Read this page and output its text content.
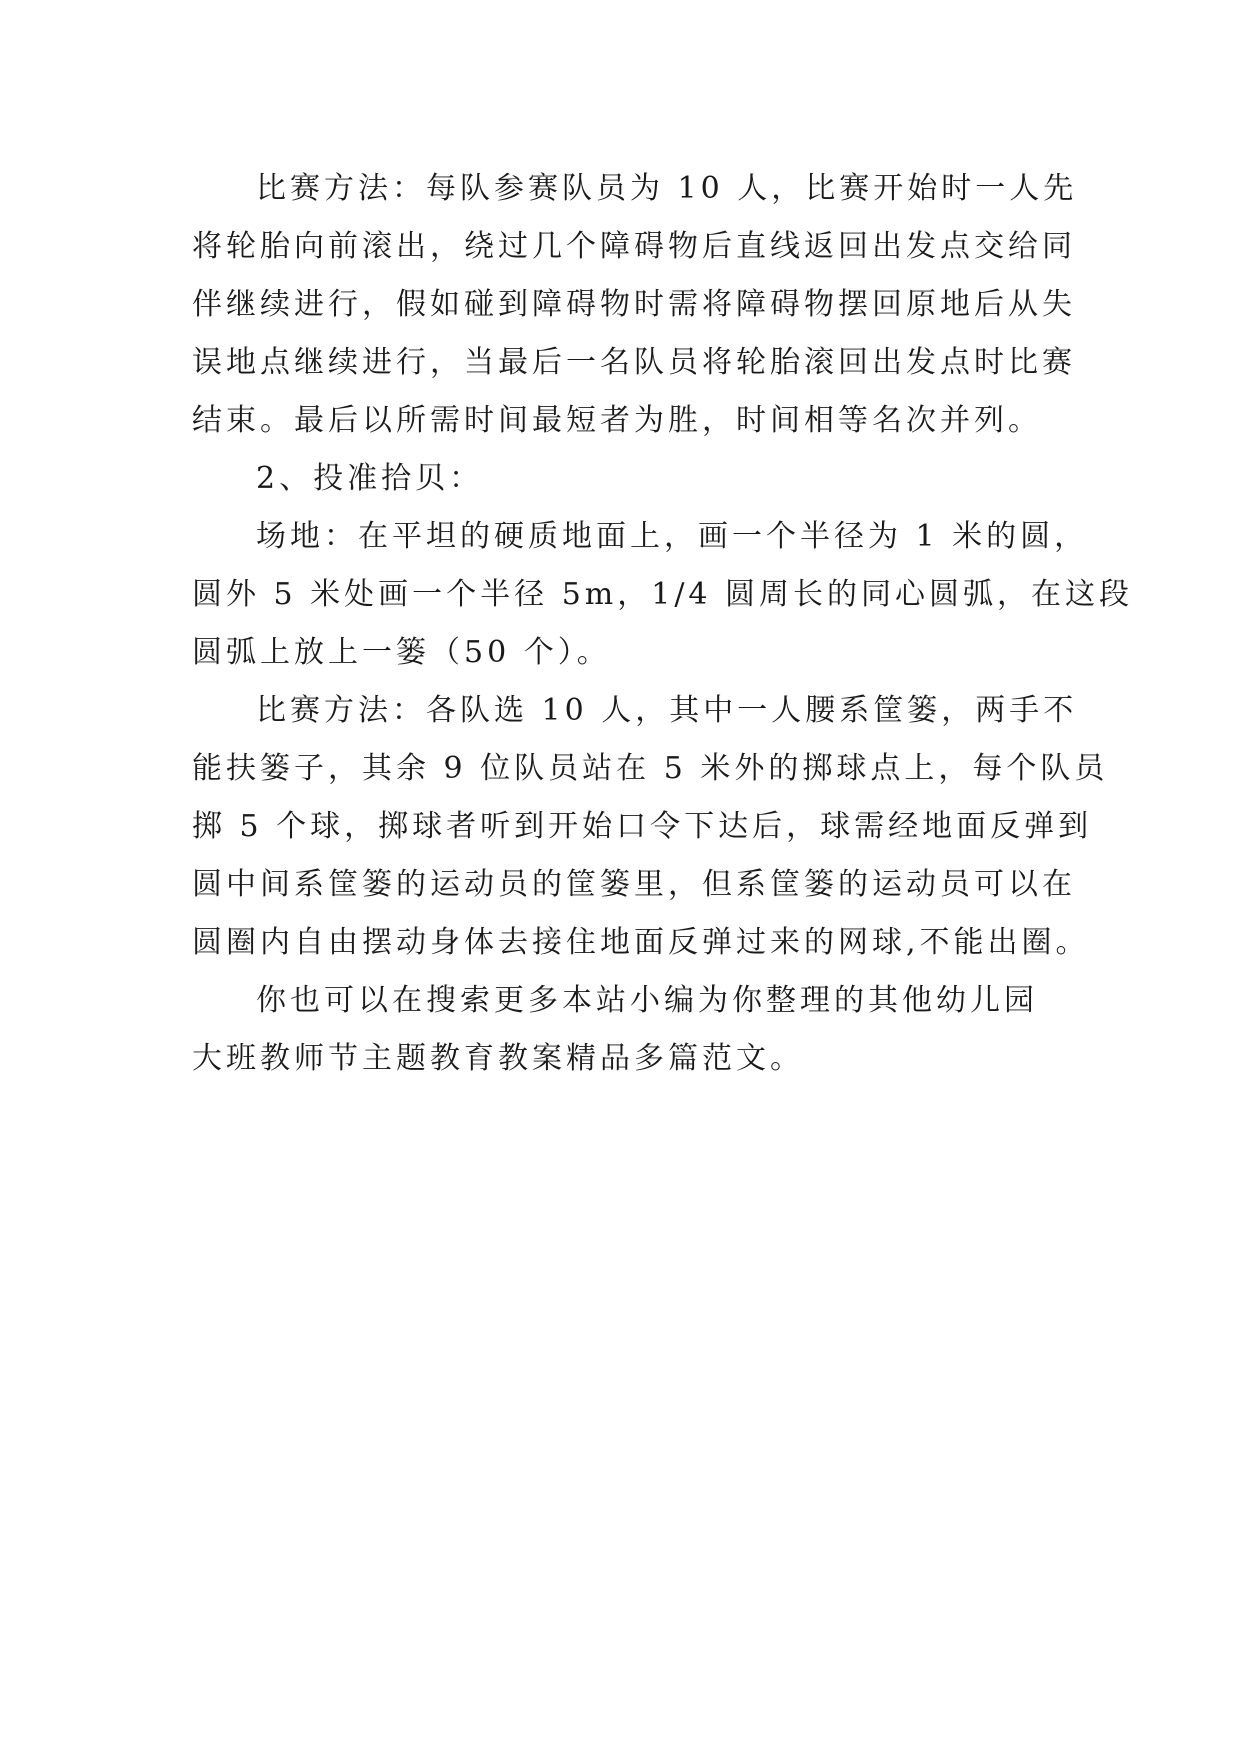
比赛方法：每队参赛队员为 10 人，比赛开始时一人先
将轮胎向前滚出，绕过几个障碍物后直线返回出发点交给同
伴继续进行，假如碰到障碍物时需将障碍物摆回原地后从失
误地点继续进行，当最后一名队员将轮胎滚回出发点时比赛
结束。最后以所需时间最短者为胜，时间相等名次并列。
2、投准拾贝：
场地：在平坦的硬质地面上，画一个半径为 1 米的圆，
圆外 5 米处画一个半径 5m，1/4 圆周长的同心圆弧，在这段
圆弧上放上一篓（50 个）。
比赛方法：各队选 10 人，其中一人腰系筐篓，两手不
能扶篓子，其余 9 位队员站在 5 米外的掷球点上，每个队员
掷 5 个球，掷球者听到开始口令下达后，球需经地面反弹到
圆中间系筐篓的运动员的筐篓里，但系筐篓的运动员可以在
圆圈内自由摆动身体去接住地面反弹过来的网球,不能出圈。
你也可以在搜索更多本站小编为你整理的其他幼儿园
大班教师节主题教育教案精品多篇范文。
